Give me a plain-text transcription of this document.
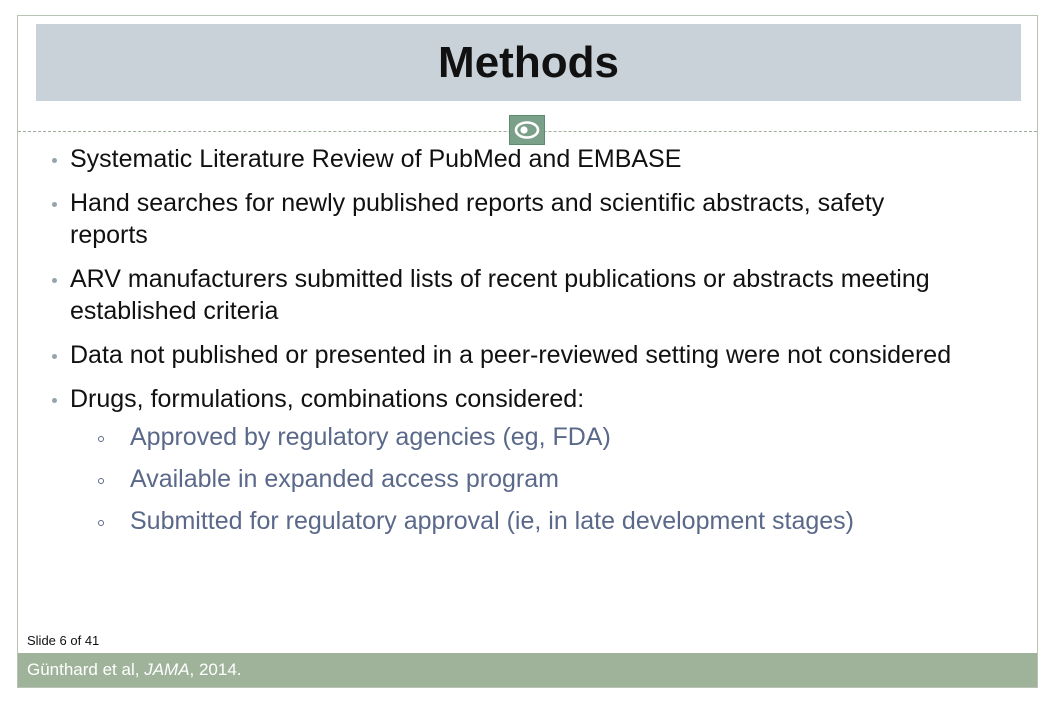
Methods
Systematic Literature Review of PubMed and EMBASE
Hand searches for newly published reports and scientific abstracts, safety reports
ARV manufacturers submitted lists of recent publications or abstracts meeting established criteria
Data not published or presented in a peer-reviewed setting were not considered
Drugs, formulations, combinations considered:
Approved by regulatory agencies (eg, FDA)
Available in expanded access program
Submitted for regulatory approval (ie, in late development stages)
Slide 6 of 41
Günthard et al, JAMA, 2014.
